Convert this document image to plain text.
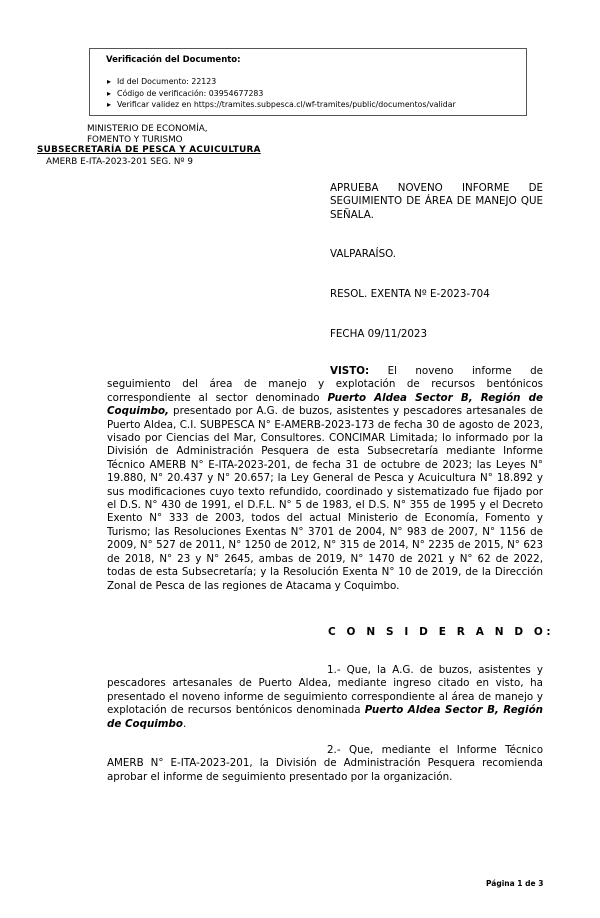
Verificación del Documento:
▸ Id del Documento: 22123
▸ Código de verificación: 03954677283
▸ Verificar validez en https://tramites.subpesca.cl/wf-tramites/public/documentos/validar
MINISTERIO DE ECONOMÍA,
FOMENTO Y TURISMO
SUBSECRETARÍA DE PESCA Y ACUICULTURA
AMERB E-ITA-2023-201 SEG. Nº 9
APRUEBA NOVENO INFORME DE SEGUIMIENTO DE ÁREA DE MANEJO QUE SEÑALA.
VALPARAÍSO.
RESOL. EXENTA Nº E-2023-704
FECHA 09/11/2023
VISTO: El noveno informe de seguimiento del área de manejo y explotación de recursos bentónicos correspondiente al sector denominado Puerto Aldea Sector B, Región de Coquimbo, presentado por A.G. de buzos, asistentes y pescadores artesanales de Puerto Aldea, C.I. SUBPESCA N° E-AMERB-2023-173 de fecha 30 de agosto de 2023, visado por Ciencias del Mar, Consultores. CONCIMAR Limitada; lo informado por la División de Administración Pesquera de esta Subsecretaría mediante Informe Técnico AMERB N° E-ITA-2023-201, de fecha 31 de octubre de 2023; las Leyes N° 19.880, N° 20.437 y N° 20.657; la Ley General de Pesca y Acuicultura N° 18.892 y sus modificaciones cuyo texto refundido, coordinado y sistematizado fue fijado por el D.S. N° 430 de 1991, el D.F.L. N° 5 de 1983, el D.S. N° 355 de 1995 y el Decreto Exento N° 333 de 2003, todos del actual Ministerio de Economía, Fomento y Turismo; las Resoluciones Exentas N° 3701 de 2004, N° 983 de 2007, N° 1156 de 2009, N° 527 de 2011, N° 1250 de 2012, N° 315 de 2014, N° 2235 de 2015, N° 623 de 2018, N° 23 y N° 2645, ambas de 2019, N° 1470 de 2021 y N° 62 de 2022, todas de esta Subsecretaría; y la Resolución Exenta N° 10 de 2019, de la Dirección Zonal de Pesca de las regiones de Atacama y Coquimbo.
C O N S I D E R A N D O:
1.- Que, la A.G. de buzos, asistentes y pescadores artesanales de Puerto Aldea, mediante ingreso citado en visto, ha presentado el noveno informe de seguimiento correspondiente al área de manejo y explotación de recursos bentónicos denominada Puerto Aldea Sector B, Región de Coquimbo.
2.- Que, mediante el Informe Técnico AMERB N° E-ITA-2023-201, la División de Administración Pesquera recomienda aprobar el informe de seguimiento presentado por la organización.
Página 1 de 3
